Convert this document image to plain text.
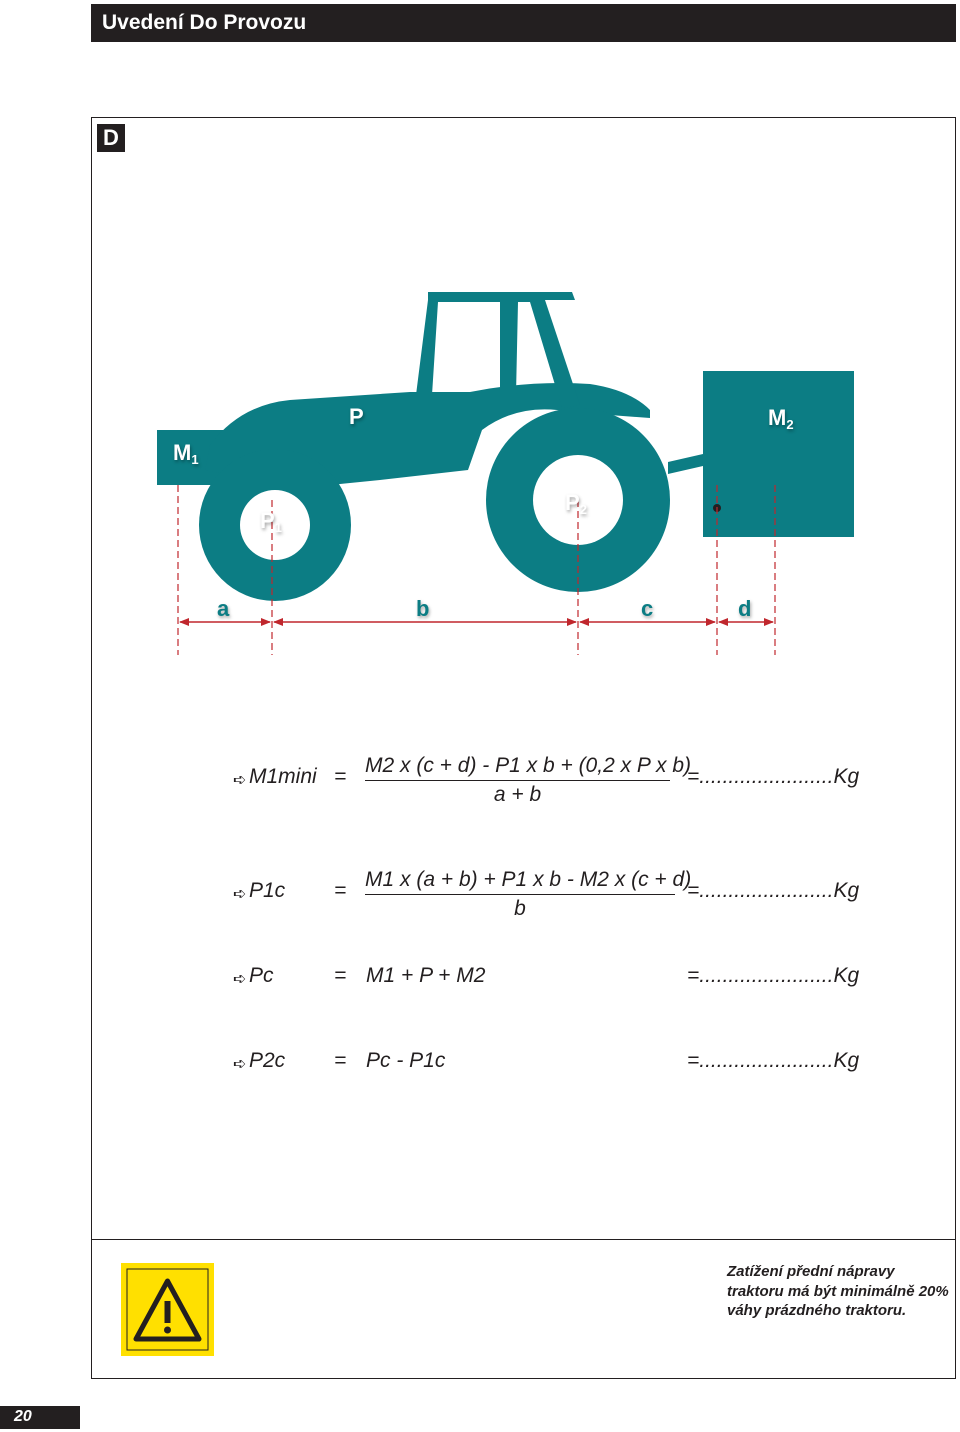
Uvedení Do Provozu
D
$M_1$
P	$M_2$
$P_1$
$P_2$
a	b	c	d
➪ $M1\min i = \frac{\text{M2 x (c + d) - P1 x b + (0,2 x P x b)}}{a + b} =.......................Kg$
➪ $P1c = \frac{\text{M1 x (a + b) + P1 x b - M2 x (c + d)}}{b} =.......................Kg$
➪ Pc	= M1 + P + M2	=.......................Kg
➪ P2c = Pc - P1c	=.......................Kg
Zatížení přední nápravy traktoru má být minimálně 20% váhy prázdného traktoru.
20
